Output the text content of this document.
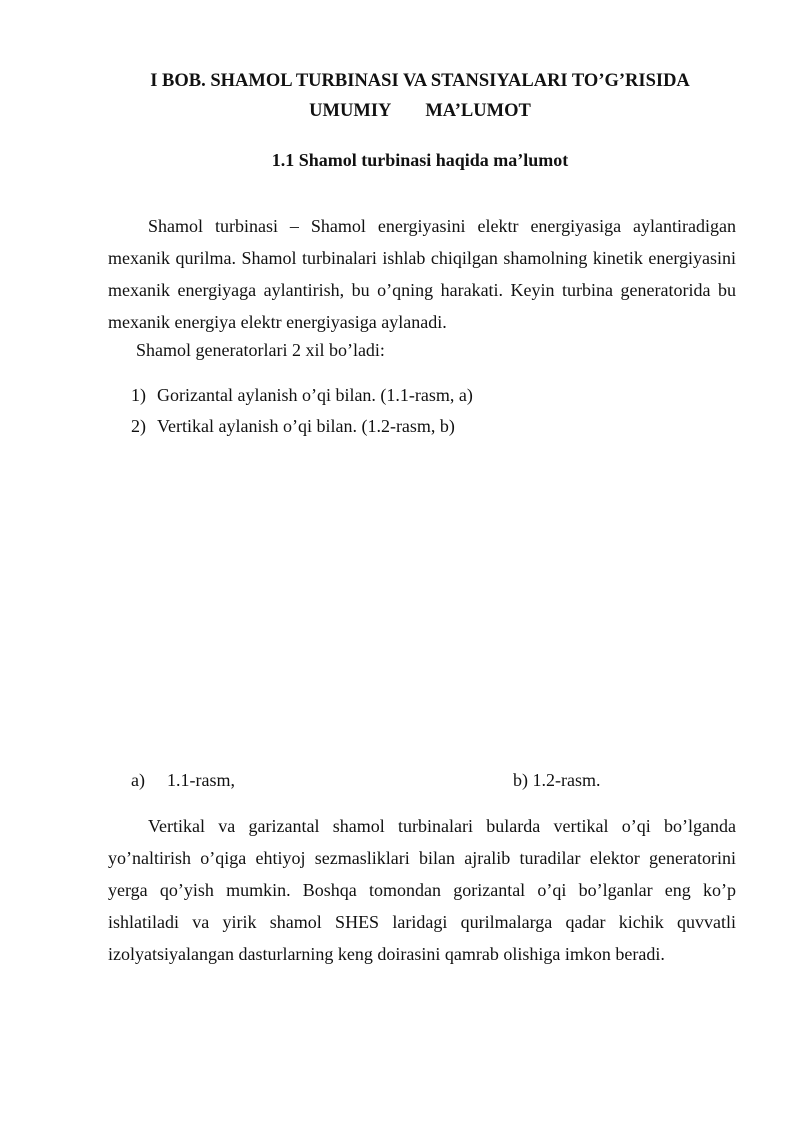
I BOB. SHAMOL TURBINASI VA STANSIYALARI TO’G’RISIDA
UMUMIY MA’LUMOT
1.1 Shamol turbinasi haqida ma’lumot

Shamol turbinasi – Shamol energiyasini elektr energiyasiga aylantiradigan mexanik qurilma. Shamol turbinalari ishlab chiqilgan shamolning kinetik energiyasini mexanik energiyaga aylantirish, bu o’qning harakati. Keyin turbina generatorida bu mexanik energiya elektr energiyasiga aylanadi.

Shamol generatorlari 2 xil bo’ladi:
1) Gorizantal aylanish o’qi bilan. (1.1-rasm, a)
2) Vertikal aylanish o’qi bilan. (1.2-rasm, b)
a) 1.1-rasm,	b) 1.2-rasm.

Vertikal va garizantal shamol turbinalari bularda vertikal o’qi bo’lganda yo’naltirish o’qiga ehtiyoj sezmasliklari bilan ajralib turadilar elektor generatorini yerga qo’yish mumkin. Boshqa tomondan gorizantal o’qi bo’lganlar eng ko’p ishlatiladi va yirik shamol SHES laridagi qurilmalarga qadar kichik quvvatli izolyatsiyalangan dasturlarning keng doirasini qamrab olishiga imkon beradi.
